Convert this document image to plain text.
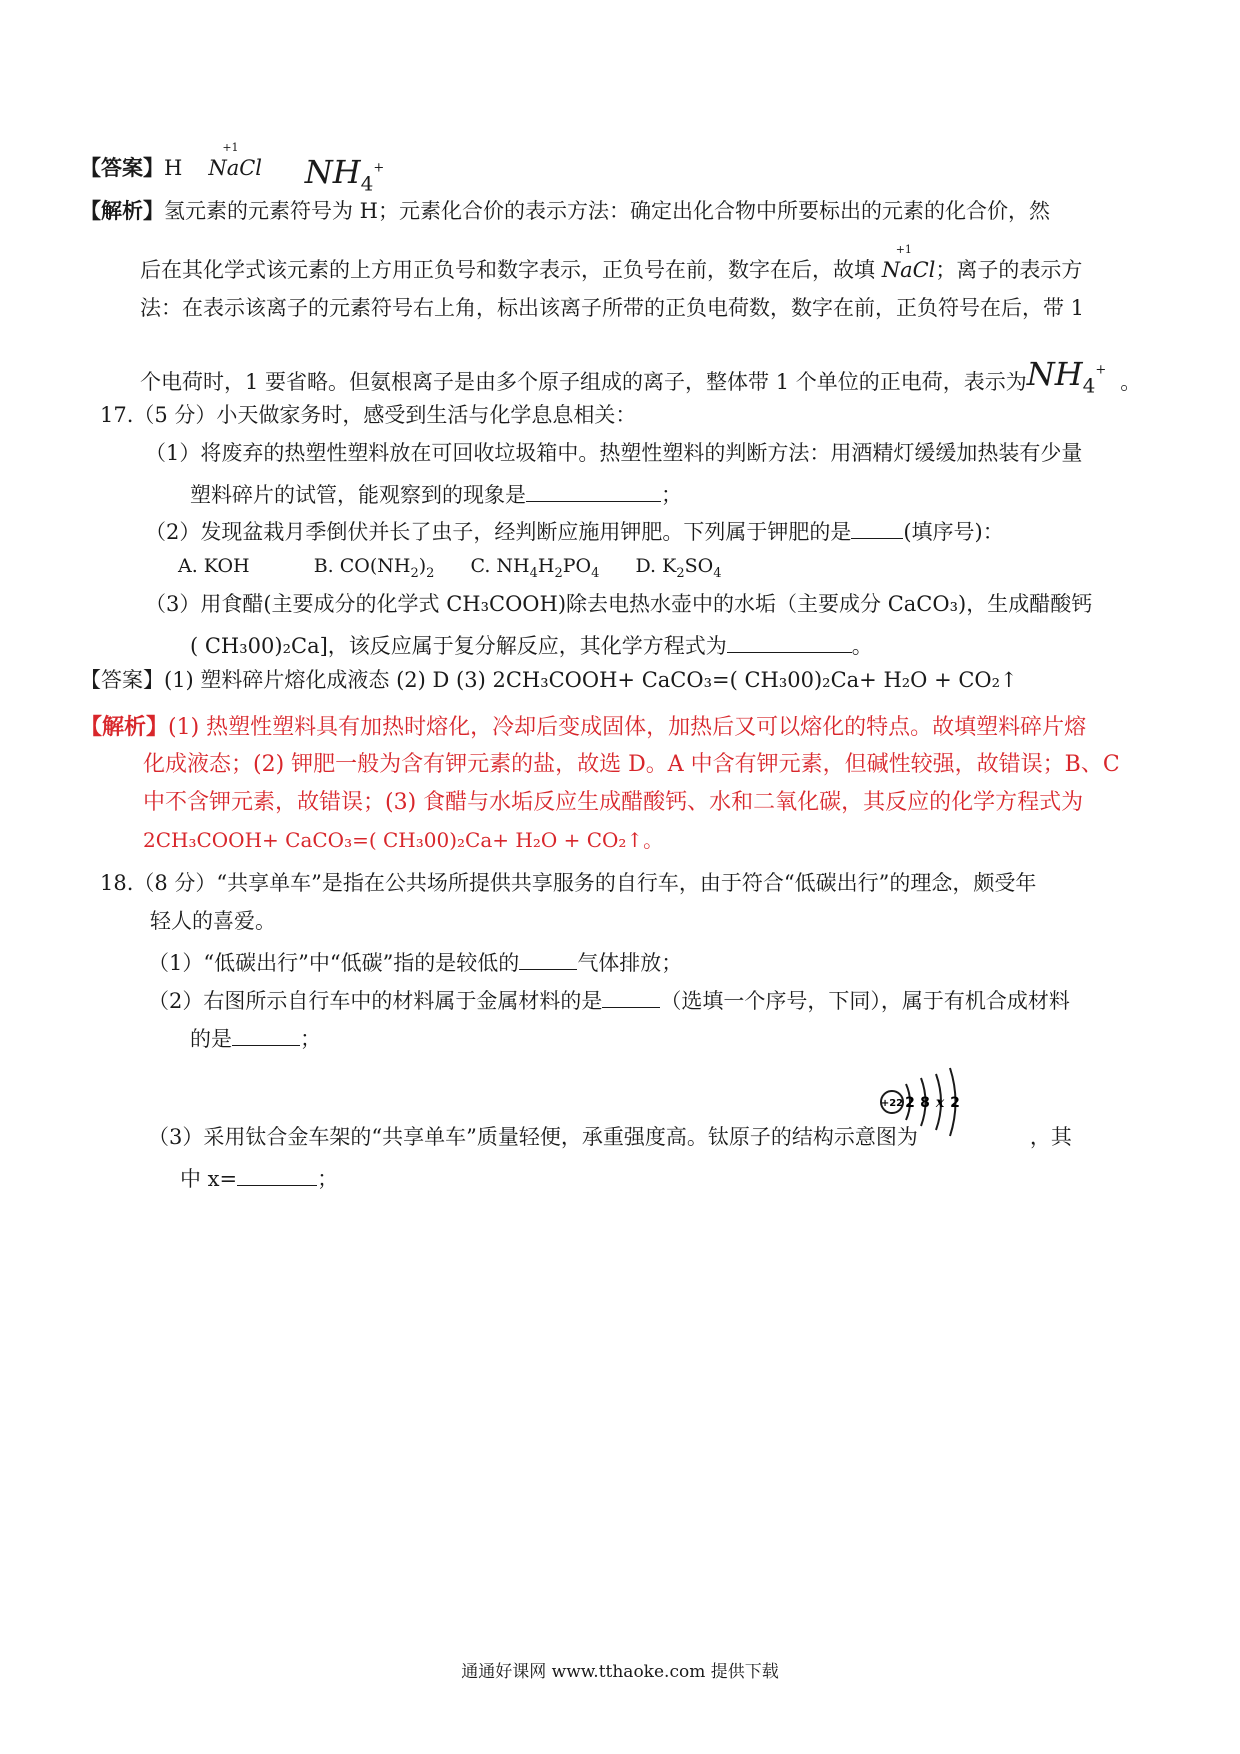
【答案】H
+1
NaCl $NH_4^+$
【解析】氢元素的元素符号为 H；元素化合价的表示方法：确定出化合物中所要标出的元素的化合价，然
后在其化学式该元素的上方用正负号和数字表示，正负号在前，数字在后，故填
+1
NaCl；离子的表示方
法：在表示该离子的元素符号右上角，标出该离子所带的正负电荷数，数字在前，正负符号在后，带 1
个电荷时，1 要省略。但氨根离子是由多个原子组成的离子，整体带 1 个单位的正电荷，表示为$NH_4^+$。
17.（5 分）小天做家务时，感受到生活与化学息息相关：
（1）将废弃的热塑性塑料放在可回收垃圾箱中。热塑性塑料的判断方法：用酒精灯缓缓加热装有少量
塑料碎片的试管，能观察到的现象是	；
（2）发现盆栽月季倒伏并长了虫子，经判断应施用钾肥。下列属于钾肥的是 (填序号)：
A. KOH	B. $CO(NH_2)_2$ C. $NH_4H_2PO_4$ D. $K_2SO_4$
（3）用食醋(主要成分的化学式 CH₃COOH)除去电热水壶中的水垢（主要成分 CaCO₃)，生成醋酸钙
( CH₃00)₂Ca]，该反应属于复分解反应，其化学方程式为	。
【答案】(1) 塑料碎片熔化成液态 (2) D (3) 2CH₃COOH+ CaCO₃=( CH₃00)₂Ca+ H₂O + CO₂↑
【解析】(1) 热塑性塑料具有加热时熔化，冷却后变成固体，加热后又可以熔化的特点。故填塑料碎片熔
化成液态；(2) 钾肥一般为含有钾元素的盐，故选 D。A 中含有钾元素，但碱性较强，故错误；B、C
中不含钾元素，故错误；(3) 食醋与水垢反应生成醋酸钙、水和二氧化碳，其反应的化学方程式为
2CH₃COOH+ CaCO₃=( CH₃00)₂Ca+ H₂O + CO₂↑。
18.（8 分）“共享单车”是指在公共场所提供共享服务的自行车，由于符合“低碳出行”的理念，颇受年
轻人的喜爱。
（1）“低碳出行”中“低碳”指的是较低的	气体排放；
（2）右图所示自行车中的材料属于金属材料的是	（选填一个序号，下同），属于有机合成材料
的是	；
+22 2 8 x 2
（3）采用钛合金车架的“共享单车”质量轻便，承重强度高。钛原子的结构示意图为	，其
中 x=	；
通通好课网 www.tthaoke.com 提供下载
